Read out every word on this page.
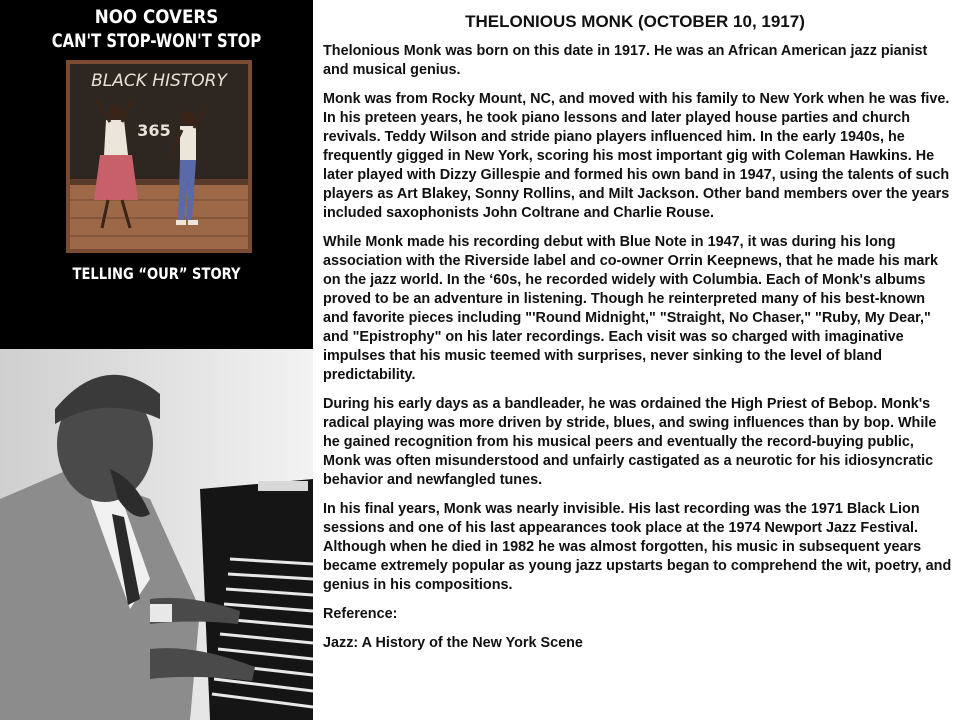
NOO COVERS
CAN'T STOP-WON'T STOP
BLACK HISTORY
365
TELLING “OUR” STORY
THELONIOUS MONK (OCTOBER 10, 1917)

Thelonious Monk was born on this date in 1917. He was an African American jazz pianist and musical genius.

Monk was from Rocky Mount, NC, and moved with his family to New York when he was five. In his preteen years, he took piano lessons and later played house parties and church revivals. Teddy Wilson and stride piano players influenced him. In the early 1940s, he frequently gigged in New York, scoring his most important gig with Coleman Hawkins. He later played with Dizzy Gillespie and formed his own band in 1947, using the talents of such players as Art Blakey, Sonny Rollins, and Milt Jackson. Other band members over the years included saxophonists John Coltrane and Charlie Rouse.

While Monk made his recording debut with Blue Note in 1947, it was during his long association with the Riverside label and co-owner Orrin Keepnews, that he made his mark on the jazz world. In the ‘60s, he recorded widely with Columbia. Each of Monk's albums proved to be an adventure in listening. Though he reinterpreted many of his best-known and favorite pieces including "'Round Midnight," "Straight, No Chaser," "Ruby, My Dear," and "Epistrophy" on his later recordings. Each visit was so charged with imaginative impulses that his music teemed with surprises, never sinking to the level of bland predictability.

During his early days as a bandleader, he was ordained the High Priest of Bebop. Monk's radical playing was more driven by stride, blues, and swing influences than by bop. While he gained recognition from his musical peers and eventually the record-buying public, Monk was often misunderstood and unfairly castigated as a neurotic for his idiosyncratic behavior and newfangled tunes.

In his final years, Monk was nearly invisible. His last recording was the 1971 Black Lion sessions and one of his last appearances took place at the 1974 Newport Jazz Festival. Although when he died in 1982 he was almost forgotten, his music in subsequent years became extremely popular as young jazz upstarts began to comprehend the wit, poetry, and genius in his compositions.

Reference:

Jazz: A History of the New York Scene
